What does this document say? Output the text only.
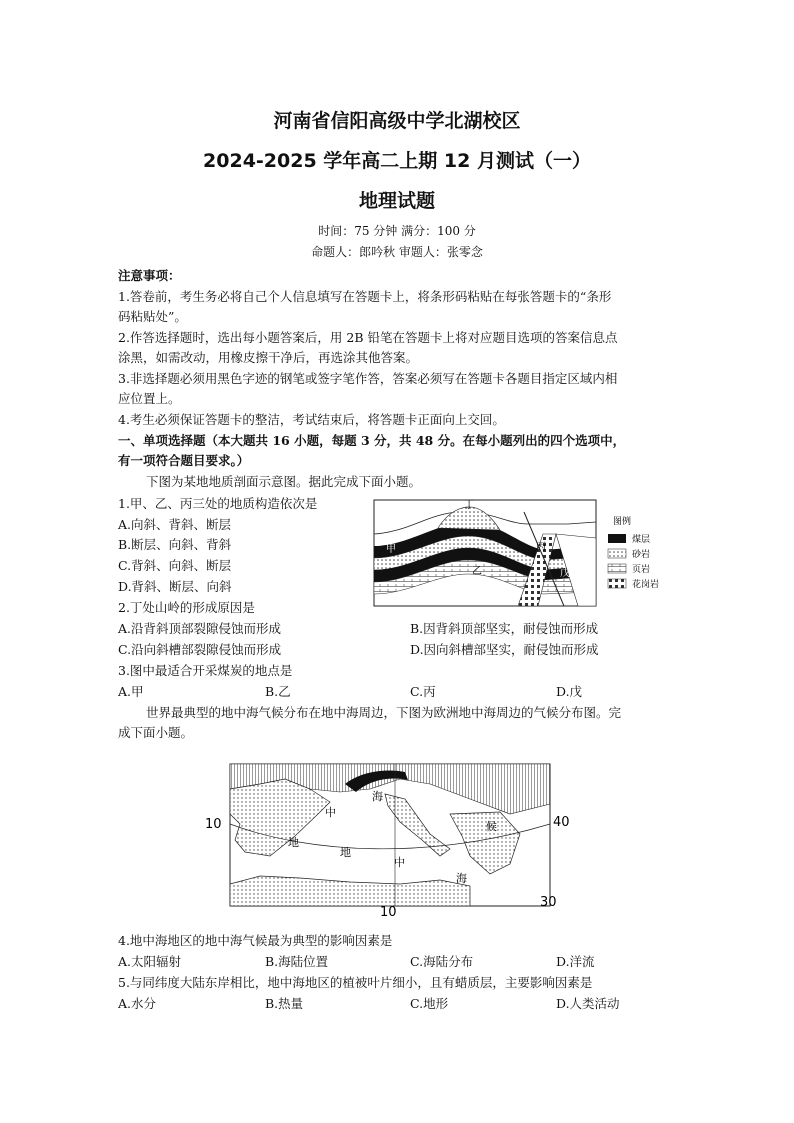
河南省信阳高级中学北湖校区
2024-2025 学年高二上期 12 月测试（一）
地理试题
时间：75 分钟 满分：100 分
命题人：郎吟秋 审题人：张零念
注意事项：
1.答卷前，考生务必将自己个人信息填写在答题卡上，将条形码粘贴在每张答题卡的“条形
码粘贴处”。
2.作答选择题时，选出每小题答案后，用 2B 铅笔在答题卡上将对应题目选项的答案信息点
涂黑，如需改动，用橡皮擦干净后，再选涂其他答案。
3.非选择题必须用黑色字迹的钢笔或签字笔作答，答案必须写在答题卡各题目指定区域内相
应位置上。
4.考生必须保证答题卡的整洁，考试结束后，将答题卡正面向上交回。
一、单项选择题（本大题共 16 小题，每题 3 分，共 48 分。在每小题列出的四个选项中，
有一项符合题目要求。）
下图为某地地质剖面示意图。据此完成下面小题。
1.甲、乙、丙三处的地质构造依次是
A.向斜、背斜、断层
B.断层、向斜、背斜
C.背斜、向斜、断层
D.背斜、断层、向斜
丁
甲
乙
丙
戊
图例
煤层
砂岩
页岩
花岗岩
2.丁处山岭的形成原因是
A.沿背斜顶部裂隙侵蚀而形成	B.因背斜顶部坚实，耐侵蚀而形成
C.沿向斜槽部裂隙侵蚀而形成	D.因向斜槽部坚实，耐侵蚀而形成
3.图中最适合开采煤炭的地点是
A.甲	B.乙	C.丙	D.戊
世界最典型的地中海气候分布在地中海周边，下图为欧洲地中海周边的气候分布图。完
成下面小题。
海
中
地
地
中
海
候
10	40
10
30
4.地中海地区的地中海气候最为典型的影响因素是
A.太阳辐射	B.海陆位置	C.海陆分布	D.洋流
5.与同纬度大陆东岸相比，地中海地区的植被叶片细小，且有蜡质层，主要影响因素是
A.水分	B.热量	C.地形	D.人类活动
